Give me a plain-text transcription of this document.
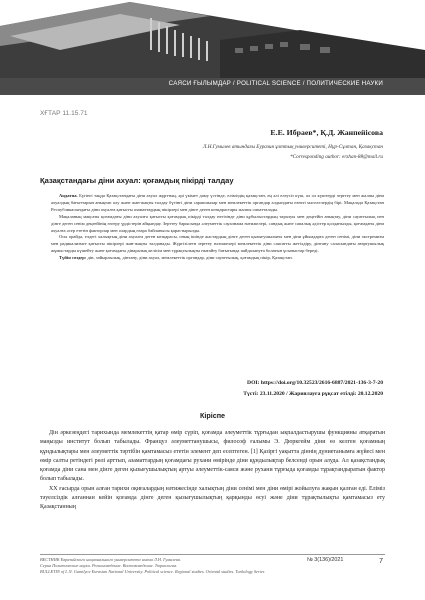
САЯСИ ҒЫЛЫМДАР / POLITICAL SCIENCE / ПОЛИТИЧЕСКИЕ НАУКИ
ХҒТАР 11.15.71
Е.Е. Ибраев*, Қ.Д. Жанпейісова
Л.Н.Гумилев атындағы Еуразия ұлттық университеті, Нұр-Сұлтан, Қазақстан
*Corresponding author: erzhan-88@mail.ru
Қазақстандағы діни ахуал: қоғамдық пікірді талдау

Аңдатпа. Бүгінгі таңда Қазақстандағы діни ахуал жұрттың, әрі үкімет даму үстінде, еліміздің қазақстан, ең әлі елеусіз күш, ал ол күштерді зерттеу мен жалпы діни ахуалдың бағыттарын анықтап алу және жан-жақты талдау бүгінгі діни сарапшылар мен мемлекеттік органдар алдындағы өзекті мәселелердің бірі. Мақалада Қазақстан Республикасындағы діни ахуалға қатысты азаматтардың пікірлері мен дінге деген көзқарастары жалпы сипатталады.

Мақаланың мақсаты қоғамдағы діни ахуалға қатысты қоғамдық пікірді талдау негізінде діни құбылыстардың таралуы мен деңгейін анықтау, діни сауаттылық пен дінге деген сенім деңгейінің өзгеру үрдістерін айқындау. Зерттеу барысында әлеуметтік сауалнама нәтижелері, сандық және сапалық әдістер қолданылды, қоғамдағы діни ахуалға әсер ететін факторлар мен олардың өзара байланысы қарастырылды.

Осы орайда, елдегі халықтың діни ахуалға деген көзқарасы, оның ішінде жастардың дінге деген қызығушылығы мен діни ұйымдарға деген сенімі, діни экстремизм мен радикализмге қатысты пікірлері жан-жақты талданады. Жүргізілген зерттеу нәтижелері мемлекеттік діни саясатты жетілдіру, дінтану саласындағы ағартушылық жұмыстарды күшейту және қоғамдағы дінаралық келісім мен тұрақтылықты нығайту бағытында пайдалануға болатын ұсыныстар береді.

Түйін сөздер: дін, зайырлылық, дінтану, діни ахуал, мемлекеттік органдар, діни сауаттылық, қоғамдық пікір, Қазақстан.

DOI: https://doi.org/10.32523/2616-6887/2021-136-3-7-20
Түсті: 23.11.2020 / Жариялауға рұқсат етілді: 20.12.2020
Кіріспе

Дін әркезеңдегі тарихында мемлекеттің қатар өмір сүріп, қоғамда әлеуметтік тұрғыдан ықпалдастырушы функцияны атқаратын маңызды институт болып табылады. Француз әлеуметтанушысы, философ ғалымы Э. Дюркгейм діни өз келген қоғамның құндылықтары мен әлеуметтік тәртібін қамтамасыз ететін элемент деп есептеген. [1] Қазіргі уақытта діннің дүниетанымға жүйесі мен өмір салты ретіндегі рөлі арттып, азаматтардың қоғамдағы рухани өмірінде діни құндылықтар белсенді орын алуда. Ал қазақстандық қоғамда діни сана мен дінге деген қызығушылықтың артуы әлеуметтік-саяси және рухани тұрғыда қоғамды тұрақтандыратын фактор болып табылады.

XX ғасырда орын алған тарихи оқиғалардың нәтижесінде халықтың діни сенімі мен діни өмірі жойылуға жақын қалған еді. Еліміз тәуелсіздік алғаннан кейін қоғамда дінге деген қызығушылықтың қарқынды өсуі және діни тұрақтылықты қамтамасыз ету Қазақстанның

ВЕСТНИК Евразийского национального университета имени Л.Н. Гумилева.
Серия Политические науки. Регионоведение. Востоковедение. Тюркология.
BULLETIN of L.N. Gumilyov Eurasian National University. Political science. Regional studies. Oriental studies. Turkology Series
№ 3(136)/2021	7
